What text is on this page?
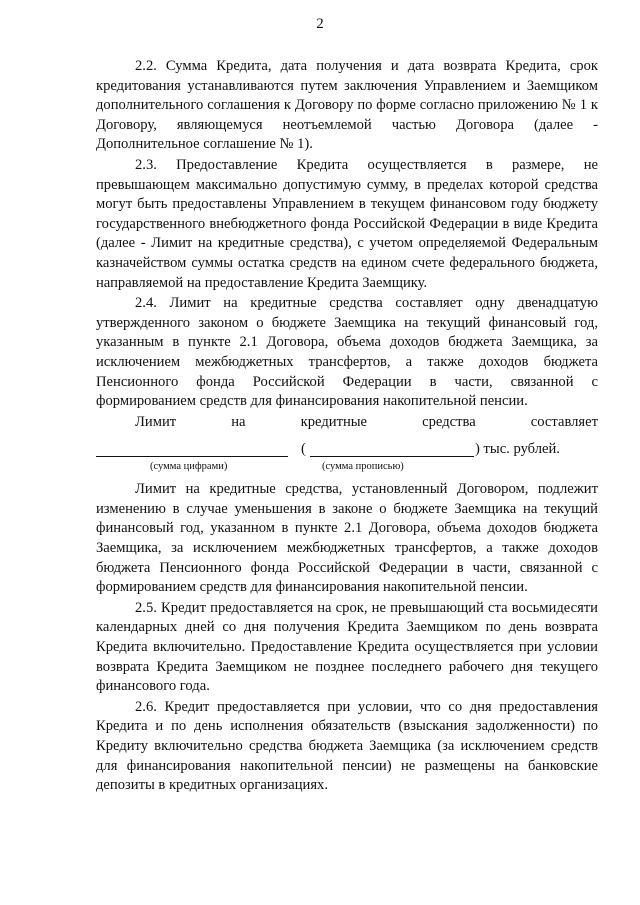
2

2.2. Сумма Кредита, дата получения и дата возврата Кредита, срок кредитования устанавливаются путем заключения Управлением и Заемщиком дополнительного соглашения к Договору по форме согласно приложению № 1 к Договору, являющемуся неотъемлемой частью Договора (далее - Дополнительное соглашение № 1).

2.3. Предоставление Кредита осуществляется в размере, не превышающем максимально допустимую сумму, в пределах которой средства могут быть предоставлены Управлением в текущем финансовом году бюджету государственного внебюджетного фонда Российской Федерации в виде Кредита (далее - Лимит на кредитные средства), с учетом определяемой Федеральным казначейством суммы остатка средств на едином счете федерального бюджета, направляемой на предоставление Кредита Заемщику.

2.4. Лимит на кредитные средства составляет одну двенадцатую утвержденного законом о бюджете Заемщика на текущий финансовый год, указанным в пункте 2.1 Договора, объема доходов бюджета Заемщика, за исключением межбюджетных трансфертов, а также доходов бюджета Пенсионного фонда Российской Федерации в части, связанной с формированием средств для финансирования накопительной пенсии.

Лимит на кредитные средства составляет

(	) тыс. рублей.
(сумма цифрами)	(сумма прописью)

Лимит на кредитные средства, установленный Договором, подлежит изменению в случае уменьшения в законе о бюджете Заемщика на текущий финансовый год, указанном в пункте 2.1 Договора, объема доходов бюджета Заемщика, за исключением межбюджетных трансфертов, а также доходов бюджета Пенсионного фонда Российской Федерации в части, связанной с формированием средств для финансирования накопительной пенсии.

2.5. Кредит предоставляется на срок, не превышающий ста восьмидесяти календарных дней со дня получения Кредита Заемщиком по день возврата Кредита включительно. Предоставление Кредита осуществляется при условии возврата Кредита Заемщиком не позднее последнего рабочего дня текущего финансового года.

2.6. Кредит предоставляется при условии, что со дня предоставления Кредита и по день исполнения обязательств (взыскания задолженности) по Кредиту включительно средства бюджета Заемщика (за исключением средств для финансирования накопительной пенсии) не размещены на банковские депозиты в кредитных организациях.
